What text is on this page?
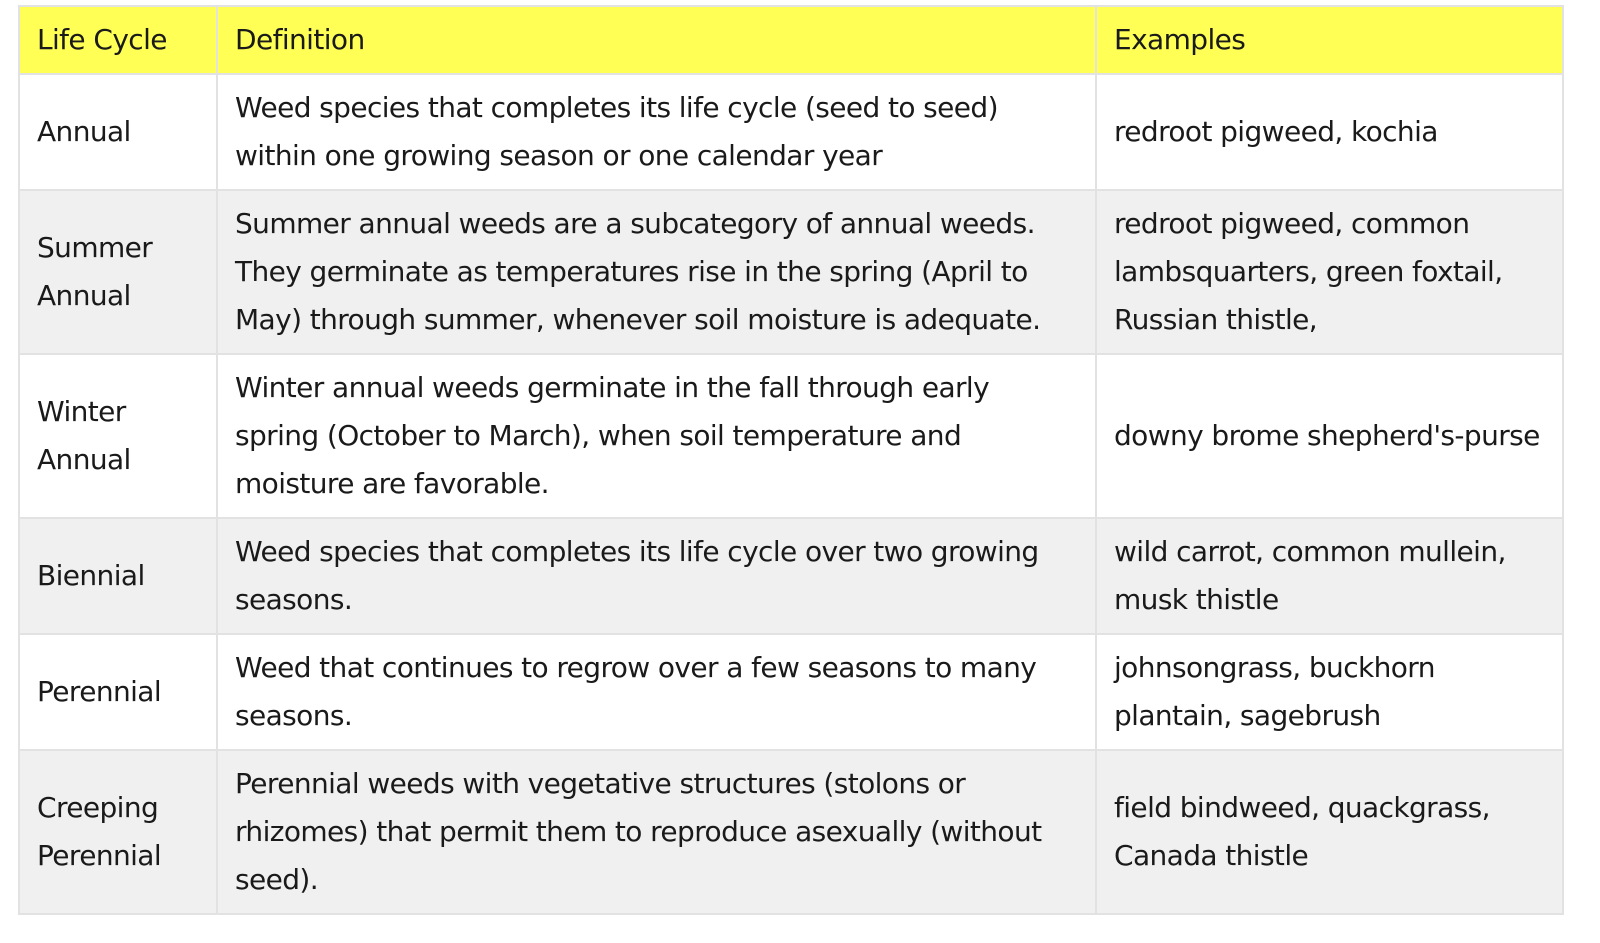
Life Cycle	Definition	Examples
Annual	Weed species that completes its life cycle (seed to seed) within one growing season or one calendar year	redroot pigweed, kochia
Summer Annual	Summer annual weeds are a subcategory of annual weeds. They germinate as temperatures rise in the spring (April to May) through summer, whenever soil moisture is adequate.	redroot pigweed, common lambsquarters, green foxtail, Russian thistle,
Winter Annual	Winter annual weeds germinate in the fall through early spring (October to March), when soil temperature and moisture are favorable.	downy brome shepherd's-purse
Biennial	Weed species that completes its life cycle over two growing seasons.	wild carrot, common mullein, musk thistle
Perennial	Weed that continues to regrow over a few seasons to many seasons.	johnsongrass, buckhorn plantain, sagebrush
Creeping Perennial	Perennial weeds with vegetative structures (stolons or rhizomes) that permit them to reproduce asexually (without seed).	field bindweed, quackgrass, Canada thistle
